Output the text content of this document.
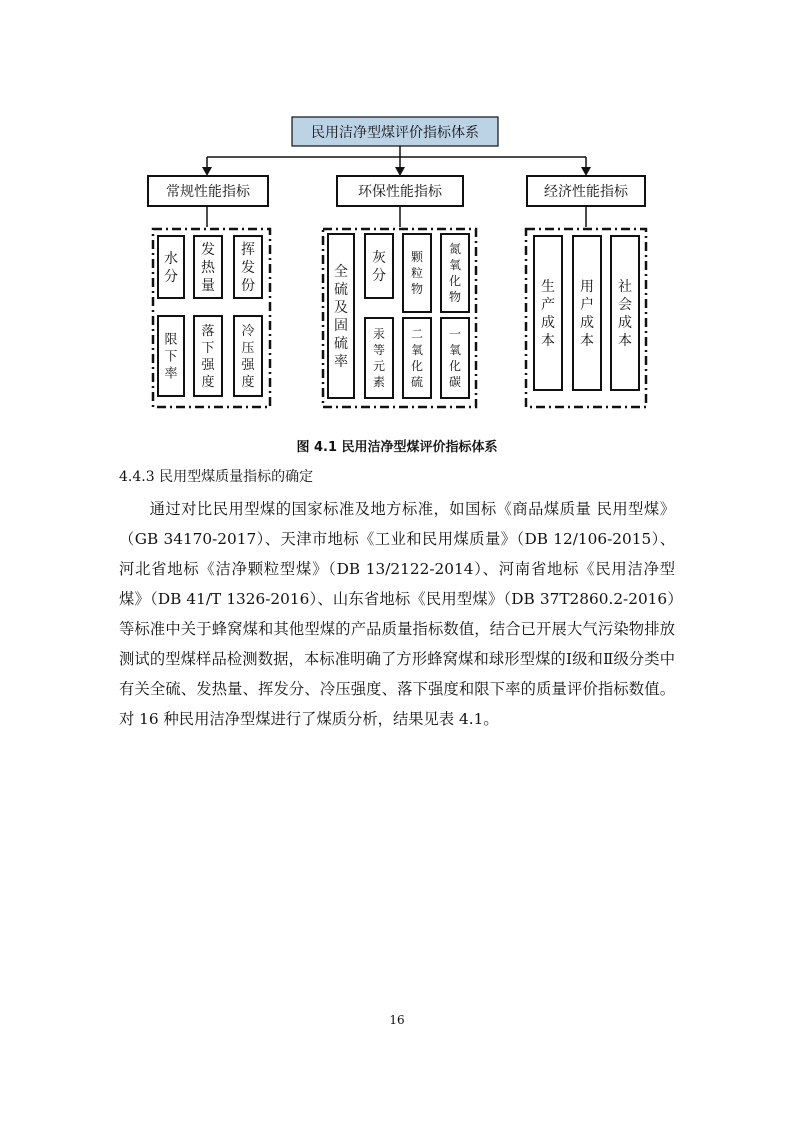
民用洁净型煤评价指标体系
常规性能指标	环保性能指标	经济性能指标
水
分
发
热
量
挥
发
份
限
下
率
落
下
强
度
冷
压
强
度
全
硫
及
固
硫
率
灰
分
颗
粒
物
氮
氧
化
物
汞
等
元
素
二
氧
化
硫
一
氧
化
碳
生
产
成
本
用
户
成
本
社
会
成
本
图 4.1 民用洁净型煤评价指标体系
4.4.3 民用型煤质量指标的确定

通过对比民用型煤的国家标准及地方标准，如国标《商品煤质量 民用型煤》（GB 34170-2017）、天津市地标《工业和民用煤质量》（DB 12/106-2015）、河北省地标《洁净颗粒型煤》（DB 13/2122-2014）、河南省地标《民用洁净型煤》（DB 41/T 1326-2016）、山东省地标《民用型煤》（DB 37T2860.2-2016）等标准中关于蜂窝煤和其他型煤的产品质量指标数值，结合已开展大气污染物排放测试的型煤样品检测数据，本标准明确了方形蜂窝煤和球形型煤的Ⅰ级和Ⅱ级分类中有关全硫、发热量、挥发分、冷压强度、落下强度和限下率的质量评价指标数值。对 16 种民用洁净型煤进行了煤质分析，结果见表 4.1。

16
